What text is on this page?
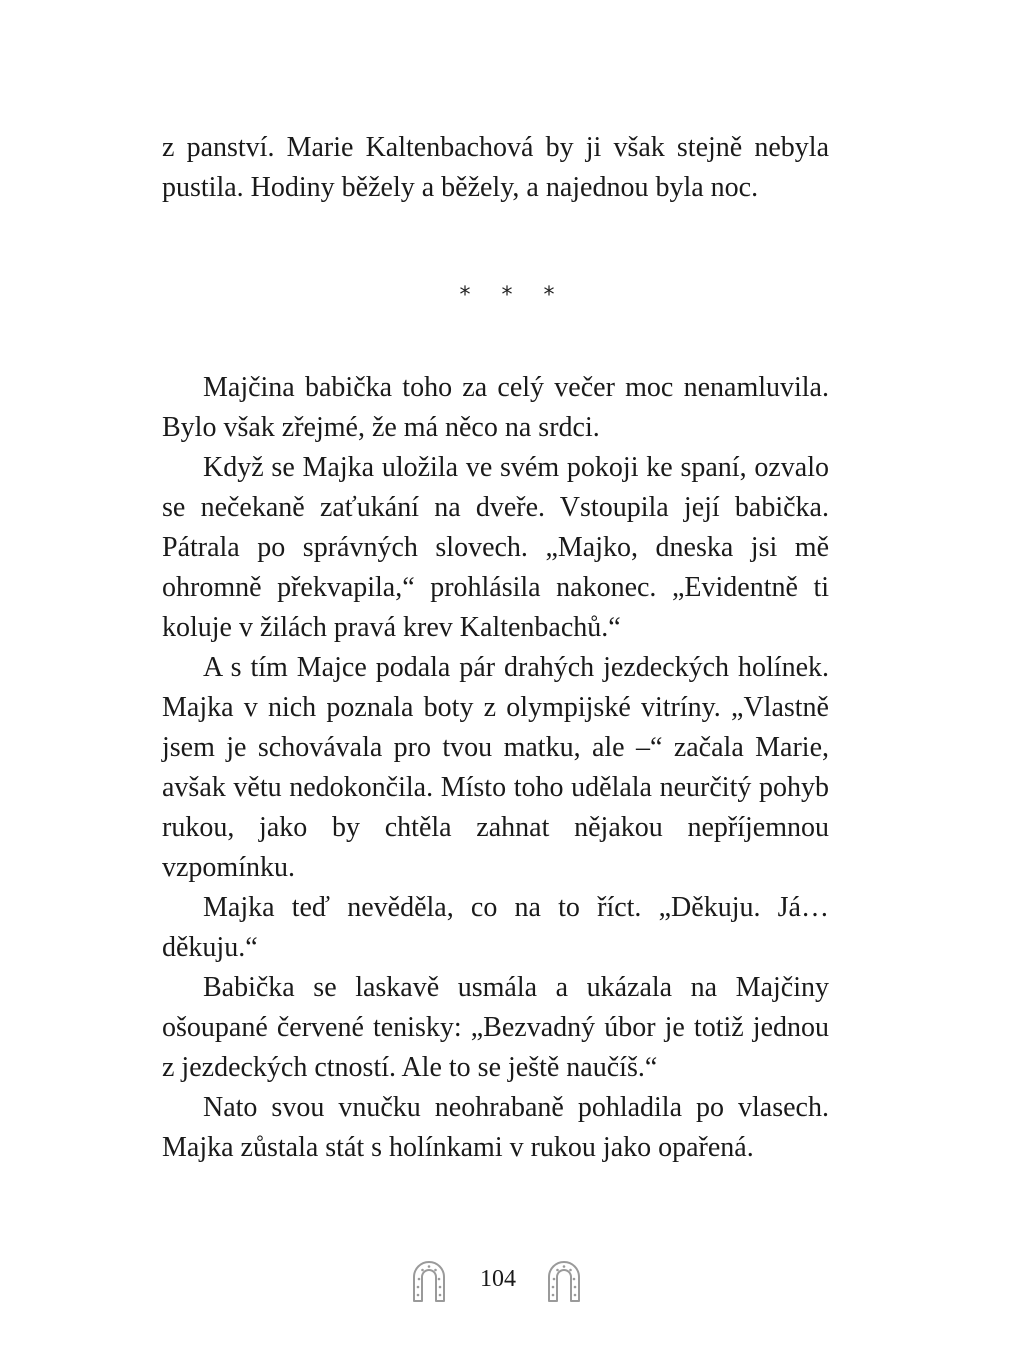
z panství. Marie Kaltenbachová by ji však stejně nebyla pustila. Hodiny běžely a běžely, a najednou byla noc.

* * *

Majčina babička toho za celý večer moc nenamluvila. Bylo však zřejmé, že má něco na srdci.

Když se Majka uložila ve svém pokoji ke spaní, ozvalo se nečekaně zaťukání na dveře. Vstoupila její babička. Pátrala po správných slovech. „Majko, dneska jsi mě ohromně překvapila,“ prohlásila nakonec. „Evidentně ti koluje v žilách pravá krev Kaltenbachů.“

A s tím Majce podala pár drahých jezdeckých holínek. Majka v nich poznala boty z olympijské vitríny. „Vlastně jsem je schovávala pro tvou matku, ale –“ začala Marie, avšak větu nedokončila. Místo toho udělala neurčitý pohyb rukou, jako by chtěla zahnat nějakou nepříjemnou vzpomínku.

Majka teď nevěděla, co na to říct. „Děkuju. Já… děkuju.“

Babička se laskavě usmála a ukázala na Majčiny ošoupané červené tenisky: „Bezvadný úbor je totiž jednou z jezdeckých ctností. Ale to se ještě naučíš.“

Nato svou vnučku neohrabaně pohladila po vlasech. Majka zůstala stát s holínkami v rukou jako opařená.

104
